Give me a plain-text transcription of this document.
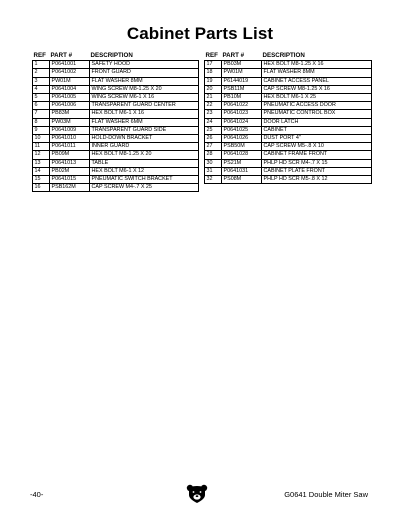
Cabinet Parts List
REF	PART #	DESCRIPTION
1	P0641001	SAFETY HOOD
2	P0641002	FRONT GUARD
3	PW01M	FLAT WASHER 8MM
4	P0641004	WING SCREW M8-1.25 X 20
5	P0641005	WING SCREW M6-1 X 16
6	P0641006	TRANSPARENT GUARD CENTER
7	PB83M	HEX BOLT M6-1 X 16
8	PW03M	FLAT WASHER 6MM
9	P0641009	TRANSPARENT GUARD SIDE
10	P0641010	HOLD-DOWN BRACKET
11	P0641011	INNER GUARD
12	PB09M	HEX BOLT M8-1.25 X 20
13	P0641013	TABLE
14	PB02M	HEX BOLT M6-1 X 12
15	P0641015	PNEUMATIC SWITCH BRACKET
16	PSB162M	CAP SCREW M4-.7 X 25
REF	PART #	DESCRIPTION
17	PB03M	HEX BOLT M8-1.25 X 16
18	PW01M	FLAT WASHER 8MM
19	P6144019	CABINET ACCESS PANEL
20	PSB11M	CAP SCREW M8-1.25 X 16
21	PB10M	HEX BOLT M6-1 X 25
22	P0641022	PNEUMATIC ACCESS DOOR
23	P0641023	PNEUMATIC CONTROL BOX
24	P0641024	DOOR LATCH
25	P0641025	CABINET
26	P0641026	DUST PORT 4"
27	PSB50M	CAP SCREW M5-.8 X 10
28	P0641028	CABINET FRAME FRONT
30	PS21M	PHLP HD SCR M4-.7 X 15
31	P0641031	CABINET PLATE FRONT
32	PS08M	PHLP HD SCR M5-.8 X 12
-40-	G0641 Double Miter Saw
